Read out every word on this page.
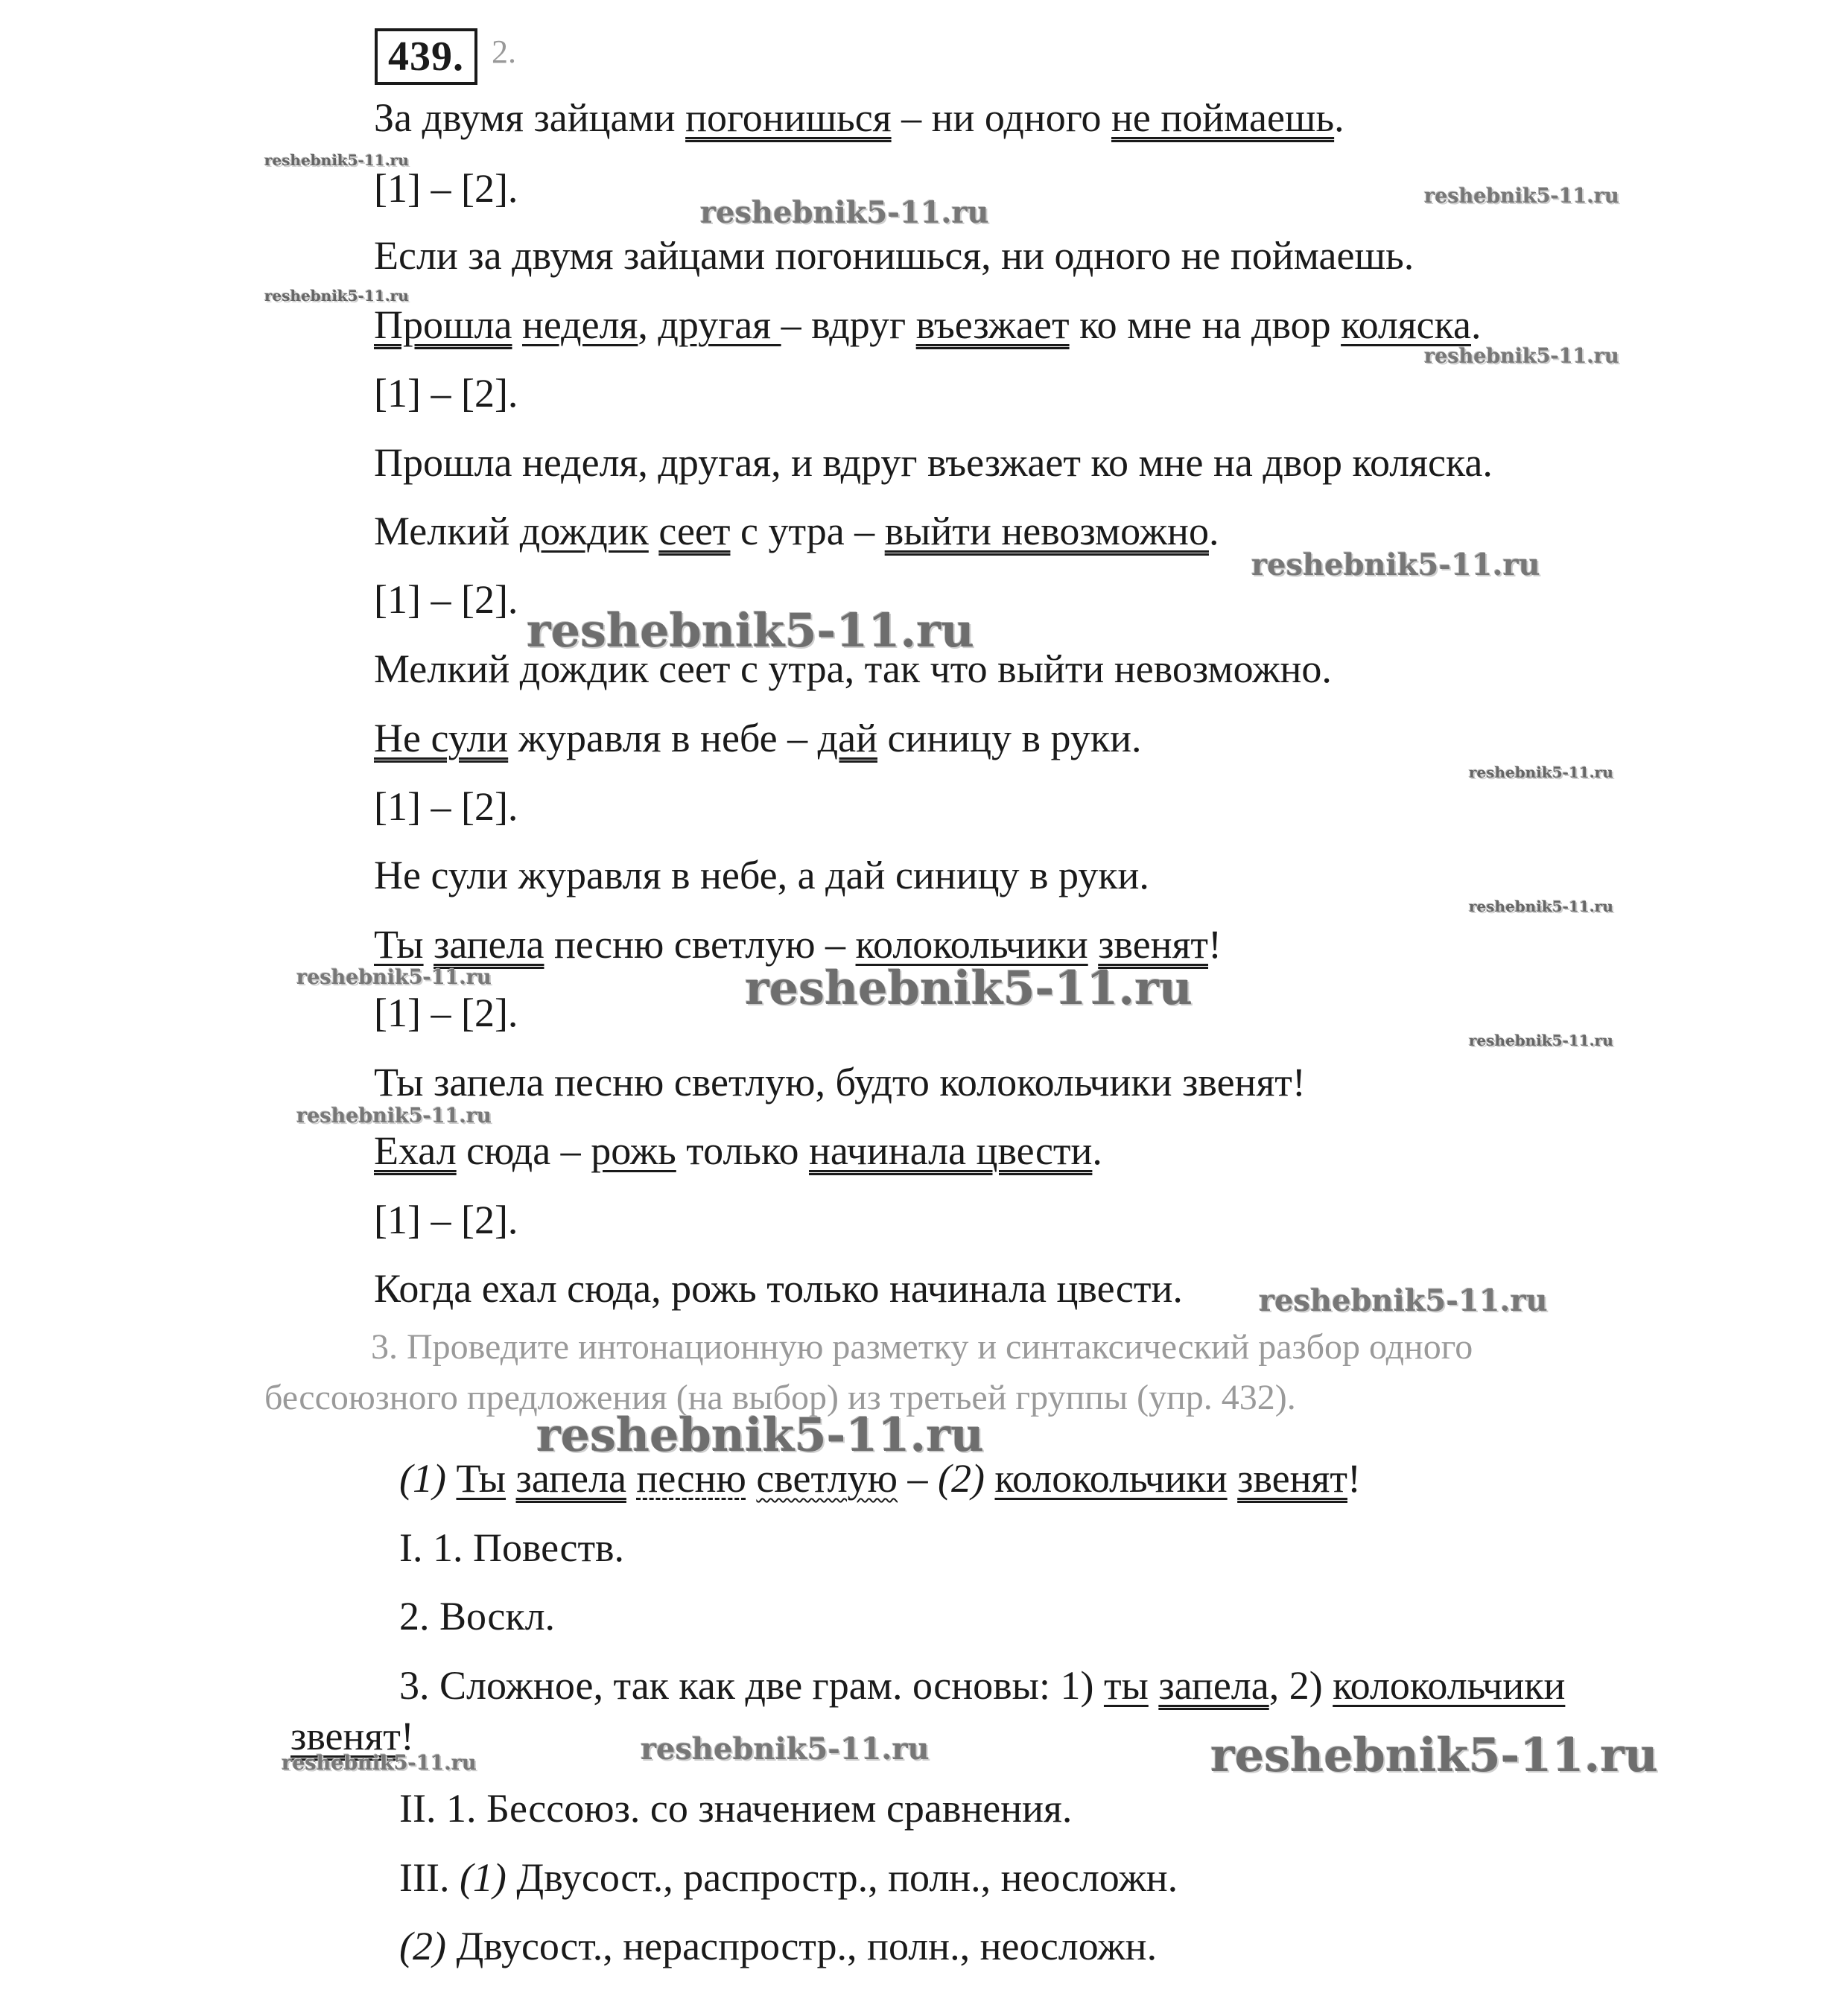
439. 2.
За двумя зайцами погонишься – ни одного не поймаешь.
[1] – [2].
Если за двумя зайцами погонишься, ни одного не поймаешь.
Прошла неделя, другая – вдруг въезжает ко мне на двор коляска.
[1] – [2].
Прошла неделя, другая, и вдруг въезжает ко мне на двор коляска.
Мелкий дождик сеет с утра – выйти невозможно.
[1] – [2].
Мелкий дождик сеет с утра, так что выйти невозможно.
Не сули журавля в небе – дай синицу в руки.
[1] – [2].
Не сули журавля в небе, а дай синицу в руки.
Ты запела песню светлую – колокольчики звенят!
[1] – [2].
Ты запела песню светлую, будто колокольчики звенят!
Ехал сюда – рожь только начинала цвести.
[1] – [2].
Когда ехал сюда, рожь только начинала цвести.
3. Проведите интонационную разметку и синтаксический разбор одного бессоюзного предложения (на выбор) из третьей группы (упр. 432).
(1) Ты запела песню светлую – (2) колокольчики звенят!
I. 1. Повеств.
2. Воскл.
3. Сложное, так как две грам. основы: 1) ты запела, 2) колокольчики
звенят!
II. 1. Бессоюз. со значением сравнения.
III. (1) Двусост., распростр., полн., неосложн.
(2) Двусост., нераспростр., полн., неосложн.
reshebnik5-11.ru
reshebnik5-11.ru	reshebnik5-11.ru
reshebnik5-11.ru
reshebnik5-11.ru
reshebnik5-11.ru
reshebnik5-11.ru
reshebnik5-11.ru
reshebnik5-11.ru
reshebnik5-11.ru	reshebnik5-11.ru
reshebnik5-11.ru
reshebnik5-11.ru
reshebnik5-11.ru
reshebnik5-11.ru
reshebnik5-11.ru	reshebnik5-11.ru	reshebnik5-11.ru
